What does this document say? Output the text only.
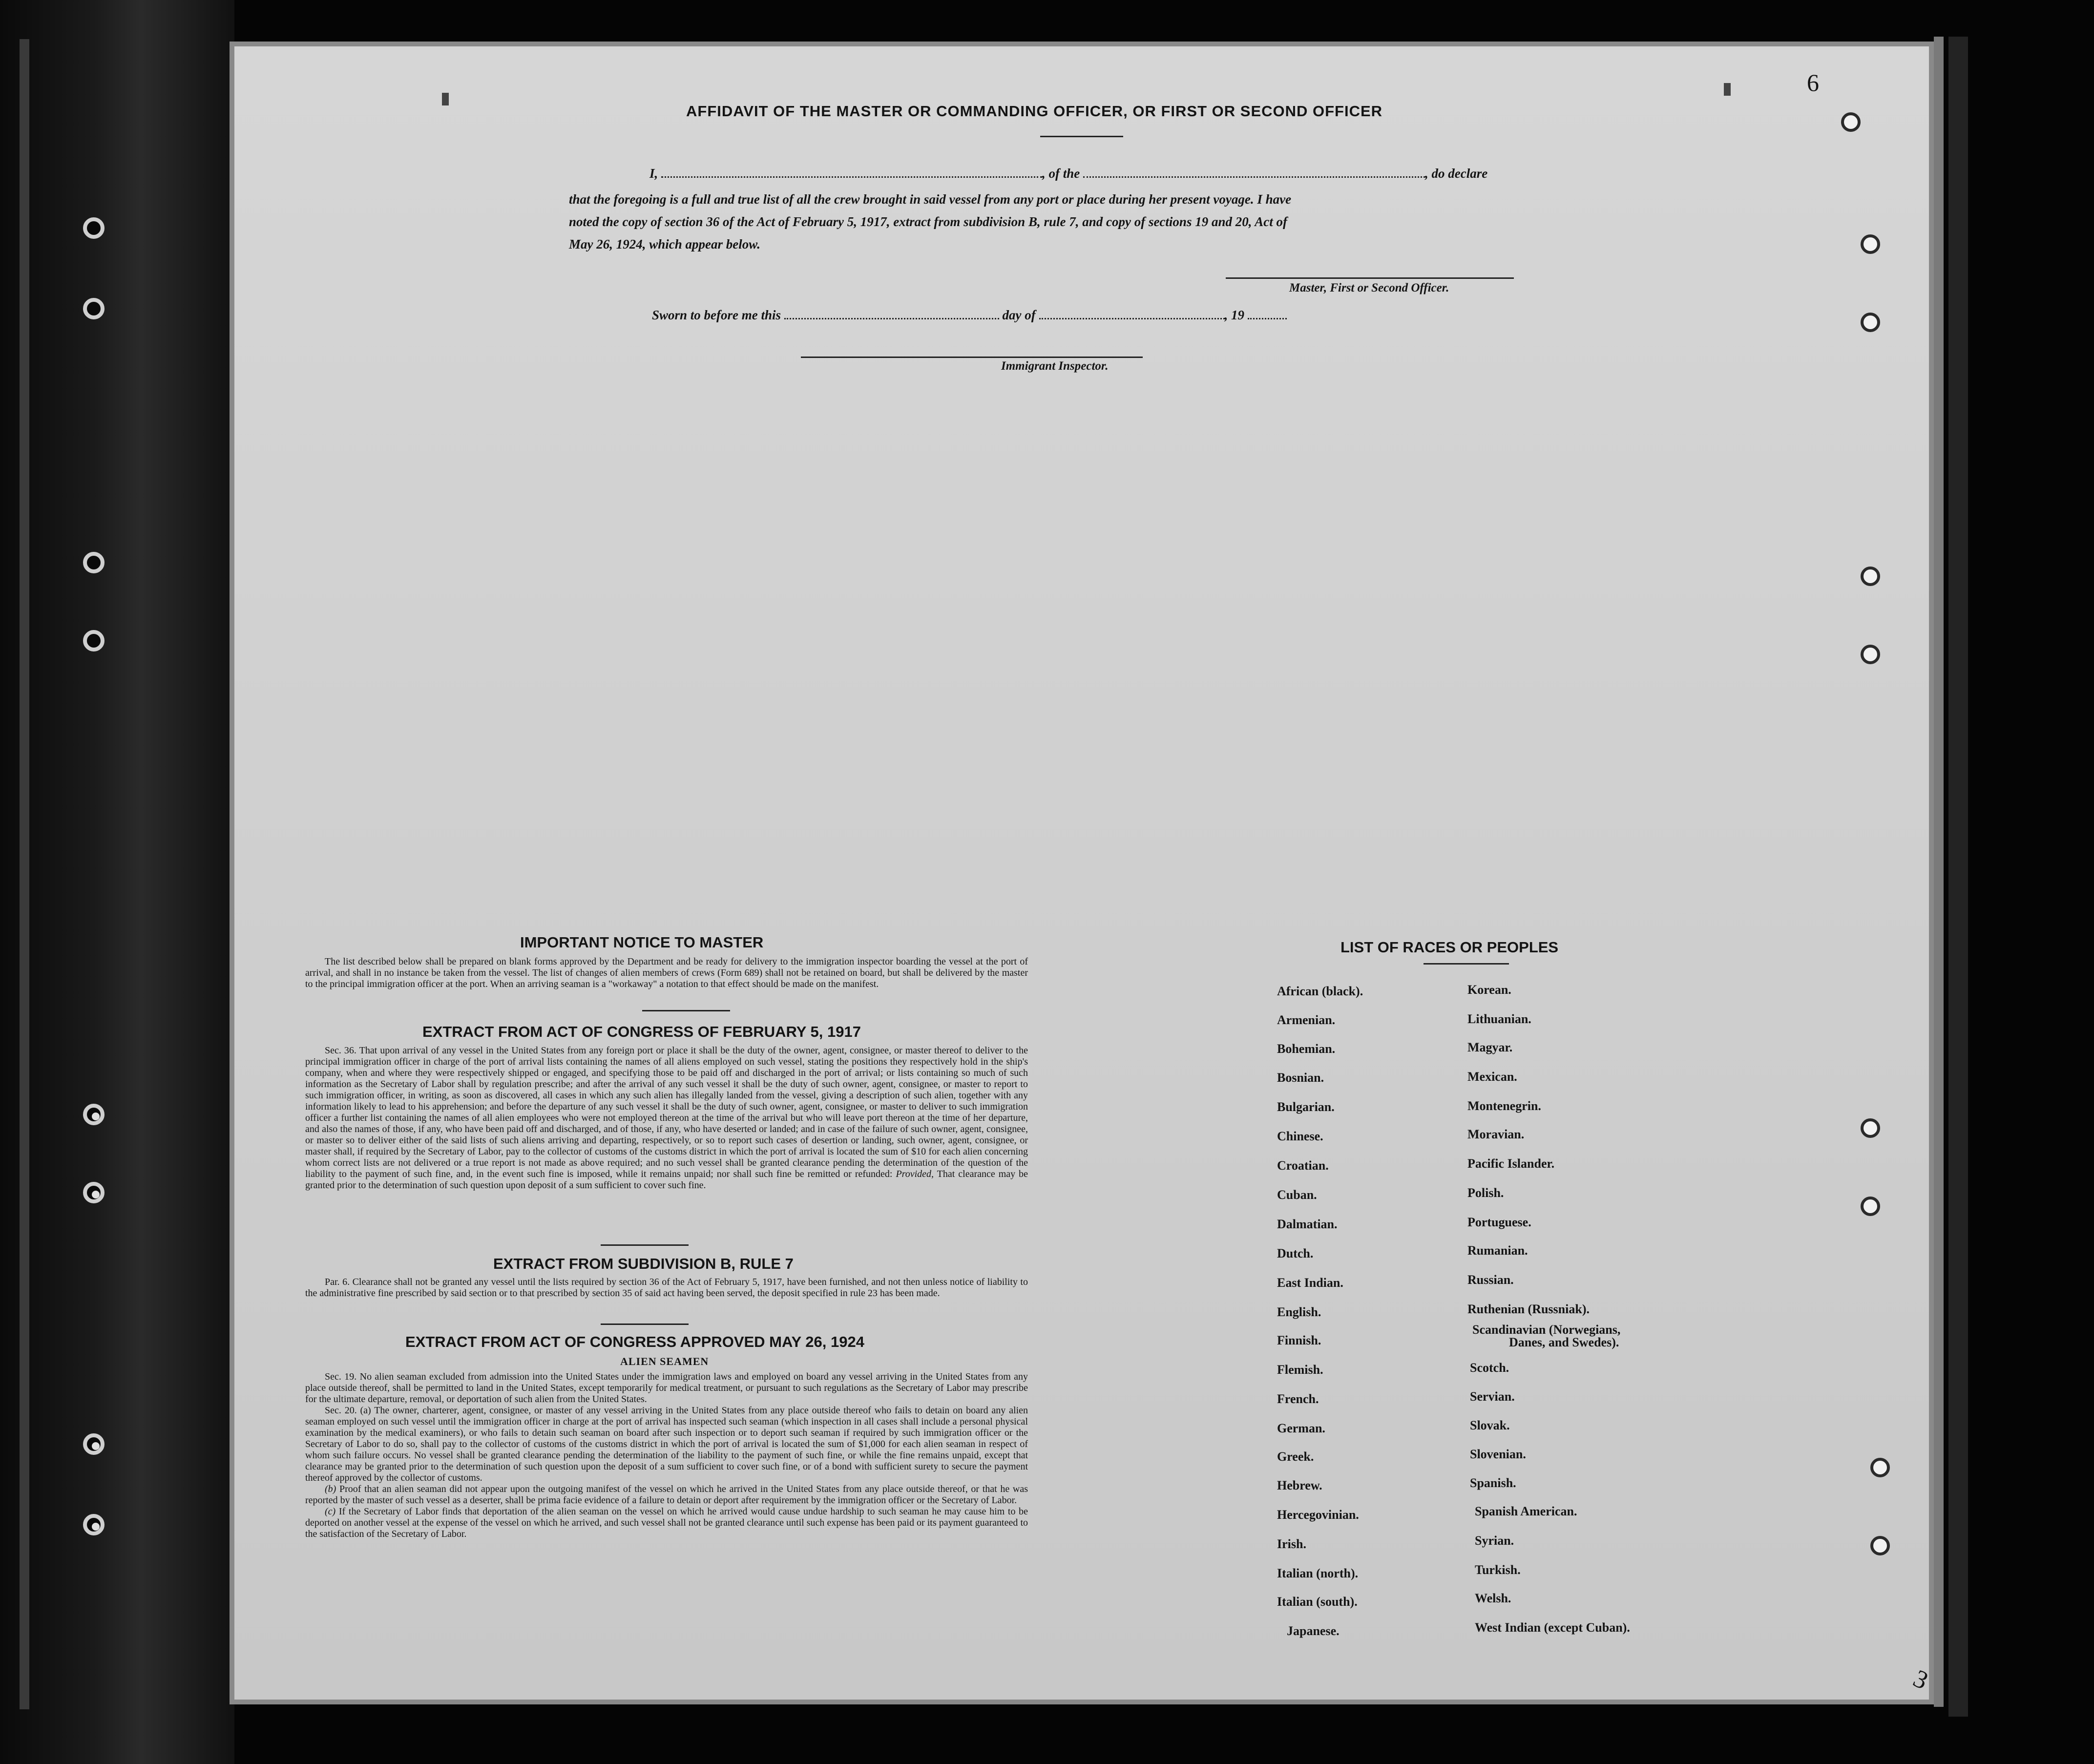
6
3
AFFIDAVIT OF THE MASTER OR COMMANDING OFFICER, OR FIRST OR SECOND OFFICER
I,	, of the	, do declare
that the foregoing is a full and true list of all the crew brought in said vessel from any port or place during her present voyage. I have
noted the copy of section 36 of the Act of February 5, 1917, extract from subdivision B, rule 7, and copy of sections 19 and 20, Act of
May 26, 1924, which appear below.
Master, First or Second Officer.
Sworn to before me this	day of	, 19
Immigrant Inspector.
IMPORTANT NOTICE TO MASTER
The list described below shall be prepared on blank forms approved by the Department and be ready for delivery to the immigration inspector boarding the vessel at the port of arrival, and shall in no instance be taken from the vessel. The list of changes of alien members of crews (Form 689) shall not be retained on board, but shall be delivered by the master to the principal immigration officer at the port. When an arriving seaman is a "workaway" a notation to that effect should be made on the manifest.
EXTRACT FROM ACT OF CONGRESS OF FEBRUARY 5, 1917
Sec. 36. That upon arrival of any vessel in the United States from any foreign port or place it shall be the duty of the owner, agent, consignee, or master thereof to deliver to the principal immigration officer in charge of the port of arrival lists containing the names of all aliens employed on such vessel, stating the positions they respectively hold in the ship's company, when and where they were respectively shipped or engaged, and specifying those to be paid off and discharged in the port of arrival; or lists containing so much of such information as the Secretary of Labor shall by regulation prescribe; and after the arrival of any such vessel it shall be the duty of such owner, agent, consignee, or master to report to such immigration officer, in writing, as soon as discovered, all cases in which any such alien has illegally landed from the vessel, giving a description of such alien, together with any information likely to lead to his apprehension; and before the departure of any such vessel it shall be the duty of such owner, agent, consignee, or master to deliver to such immigration officer a further list containing the names of all alien employees who were not employed thereon at the time of the arrival but who will leave port thereon at the time of her departure, and also the names of those, if any, who have been paid off and discharged, and of those, if any, who have deserted or landed; and in case of the failure of such owner, agent, consignee, or master so to deliver either of the said lists of such aliens arriving and departing, respectively, or so to report such cases of desertion or landing, such owner, agent, consignee, or master shall, if required by the Secretary of Labor, pay to the collector of customs of the customs district in which the port of arrival is located the sum of $10 for each alien concerning whom correct lists are not delivered or a true report is not made as above required; and no such vessel shall be granted clearance pending the determination of the question of the liability to the payment of such fine, and, in the event such fine is imposed, while it remains unpaid; nor shall such fine be remitted or refunded: Provided, That clearance may be granted prior to the determination of such question upon deposit of a sum sufficient to cover such fine.
EXTRACT FROM SUBDIVISION B, RULE 7
Par. 6. Clearance shall not be granted any vessel until the lists required by section 36 of the Act of February 5, 1917, have been furnished, and not then unless notice of liability to the administrative fine prescribed by said section or to that prescribed by section 35 of said act having been served, the deposit specified in rule 23 has been made.
EXTRACT FROM ACT OF CONGRESS APPROVED MAY 26, 1924
ALIEN SEAMEN

Sec. 19. No alien seaman excluded from admission into the United States under the immigration laws and employed on board any vessel arriving in the United States from any place outside thereof, shall be permitted to land in the United States, except temporarily for medical treatment, or pursuant to such regulations as the Secretary of Labor may prescribe for the ultimate departure, removal, or deportation of such alien from the United States.

Sec. 20. (a) The owner, charterer, agent, consignee, or master of any vessel arriving in the United States from any place outside thereof who fails to detain on board any alien seaman employed on such vessel until the immigration officer in charge at the port of arrival has inspected such seaman (which inspection in all cases shall include a personal physical examination by the medical examiners), or who fails to detain such seaman on board after such inspection or to deport such seaman if required by such immigration officer or the Secretary of Labor to do so, shall pay to the collector of customs of the customs district in which the port of arrival is located the sum of $1,000 for each alien seaman in respect of whom such failure occurs. No vessel shall be granted clearance pending the determination of the liability to the payment of such fine, or while the fine remains unpaid, except that clearance may be granted prior to the determination of such question upon the deposit of a sum sufficient to cover such fine, or of a bond with sufficient surety to secure the payment thereof approved by the collector of customs.

(b) Proof that an alien seaman did not appear upon the outgoing manifest of the vessel on which he arrived in the United States from any place outside thereof, or that he was reported by the master of such vessel as a deserter, shall be prima facie evidence of a failure to detain or deport after requirement by the immigration officer or the Secretary of Labor.

(c) If the Secretary of Labor finds that deportation of the alien seaman on the vessel on which he arrived would cause undue hardship to such seaman he may cause him to be deported on another vessel at the expense of the vessel on which he arrived, and such vessel shall not be granted clearance until such expense has been paid or its payment guaranteed to the satisfaction of the Secretary of Labor.

LIST OF RACES OR PEOPLES
African (black).
Armenian.
Bohemian.
Bosnian.
Bulgarian.
Chinese.
Croatian.
Cuban.
Dalmatian.
Dutch.
East Indian.
English.
Finnish.
Flemish.
French.
German.
Greek.
Hebrew.
Hercegovinian.
Irish.
Italian (north).
Italian (south).
Japanese.
Korean.
Lithuanian.
Magyar.
Mexican.
Montenegrin.
Moravian.
Pacific Islander.
Polish.
Portuguese.
Rumanian.
Russian.
Ruthenian (Russniak).
Scandinavian (Norwegians,
Danes, and Swedes).
Scotch.
Servian.
Slovak.
Slovenian.
Spanish.
Spanish American.
Syrian.
Turkish.
Welsh.
West Indian (except Cuban).
